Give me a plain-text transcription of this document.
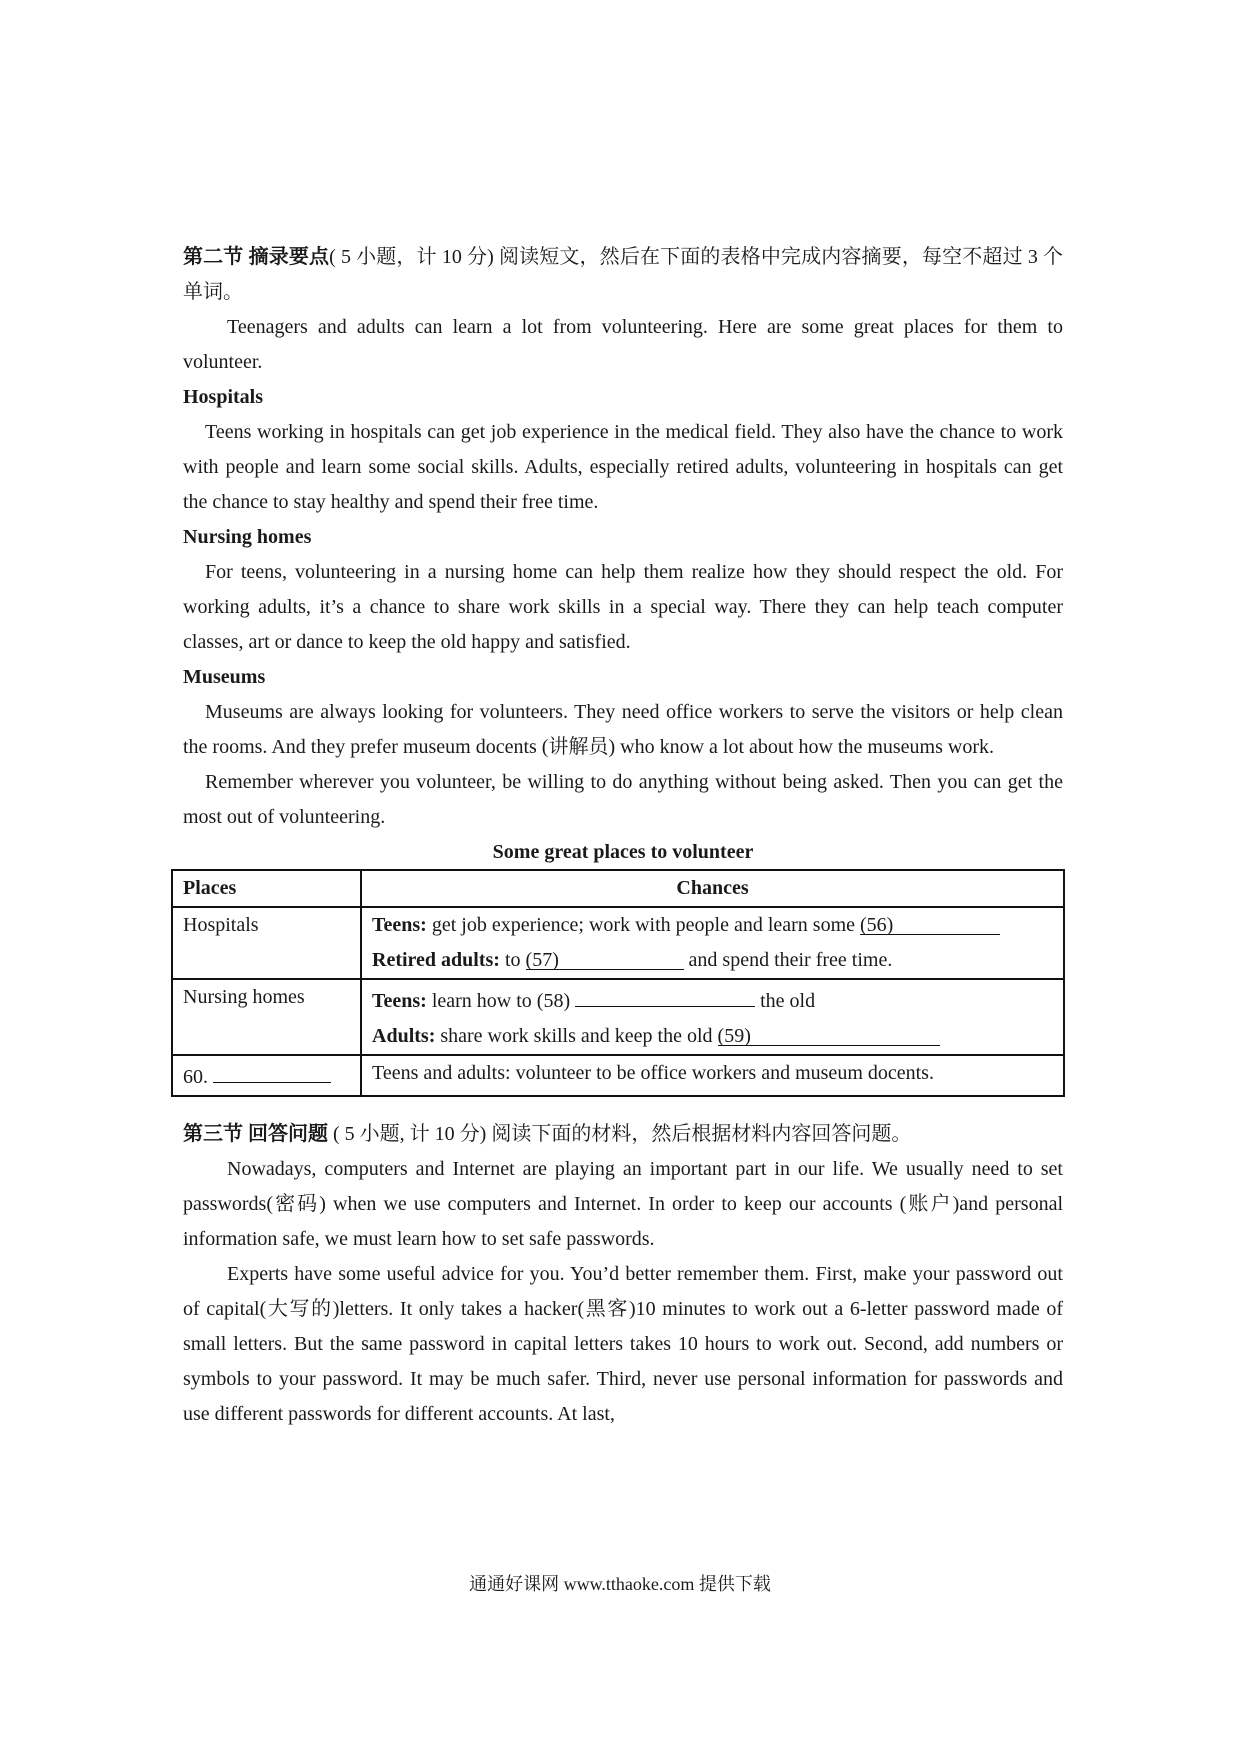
第二节 摘录要点( 5 小题，计 10 分) 阅读短文，然后在下面的表格中完成内容摘要，每空不超过 3 个单词。

Teenagers and adults can learn a lot from volunteering. Here are some great places for them to volunteer.

Hospitals

Teens working in hospitals can get job experience in the medical field. They also have the chance to work with people and learn some social skills. Adults, especially retired adults, volunteering in hospitals can get the chance to stay healthy and spend their free time.

Nursing homes

For teens, volunteering in a nursing home can help them realize how they should respect the old. For working adults, it’s a chance to share work skills in a special way. There they can help teach computer classes, art or dance to keep the old happy and satisfied.

Museums

Museums are always looking for volunteers. They need office workers to serve the visitors or help clean the rooms. And they prefer museum docents (讲解员) who know a lot about how the museums work.

Remember wherever you volunteer, be willing to do anything without being asked. Then you can get the most out of volunteering.

Some great places to volunteer
Places	Chances
Hospitals	Teens: get job experience; work with people and learn some (56)
Retired adults: to (57) and spend their free time.

Nursing homes	Teens: learn how to (58) the old
Adults: share work skills and keep the old (59)

60.	Teens and adults: volunteer to be office workers and museum docents.

第三节 回答问题 ( 5 小题, 计 10 分) 阅读下面的材料，然后根据材料内容回答问题。

Nowadays, computers and Internet are playing an important part in our life. We usually need to set passwords(密码) when we use computers and Internet. In order to keep our accounts (账户)and personal information safe, we must learn how to set safe passwords.

Experts have some useful advice for you. You’d better remember them. First, make your password out of capital(大写的)letters. It only takes a hacker(黑客)10 minutes to work out a 6-letter password made of small letters. But the same password in capital letters takes 10 hours to work out. Second, add numbers or symbols to your password. It may be much safer. Third, never use personal information for passwords and use different passwords for different accounts. At last,

通通好课网 www.tthaoke.com 提供下载
